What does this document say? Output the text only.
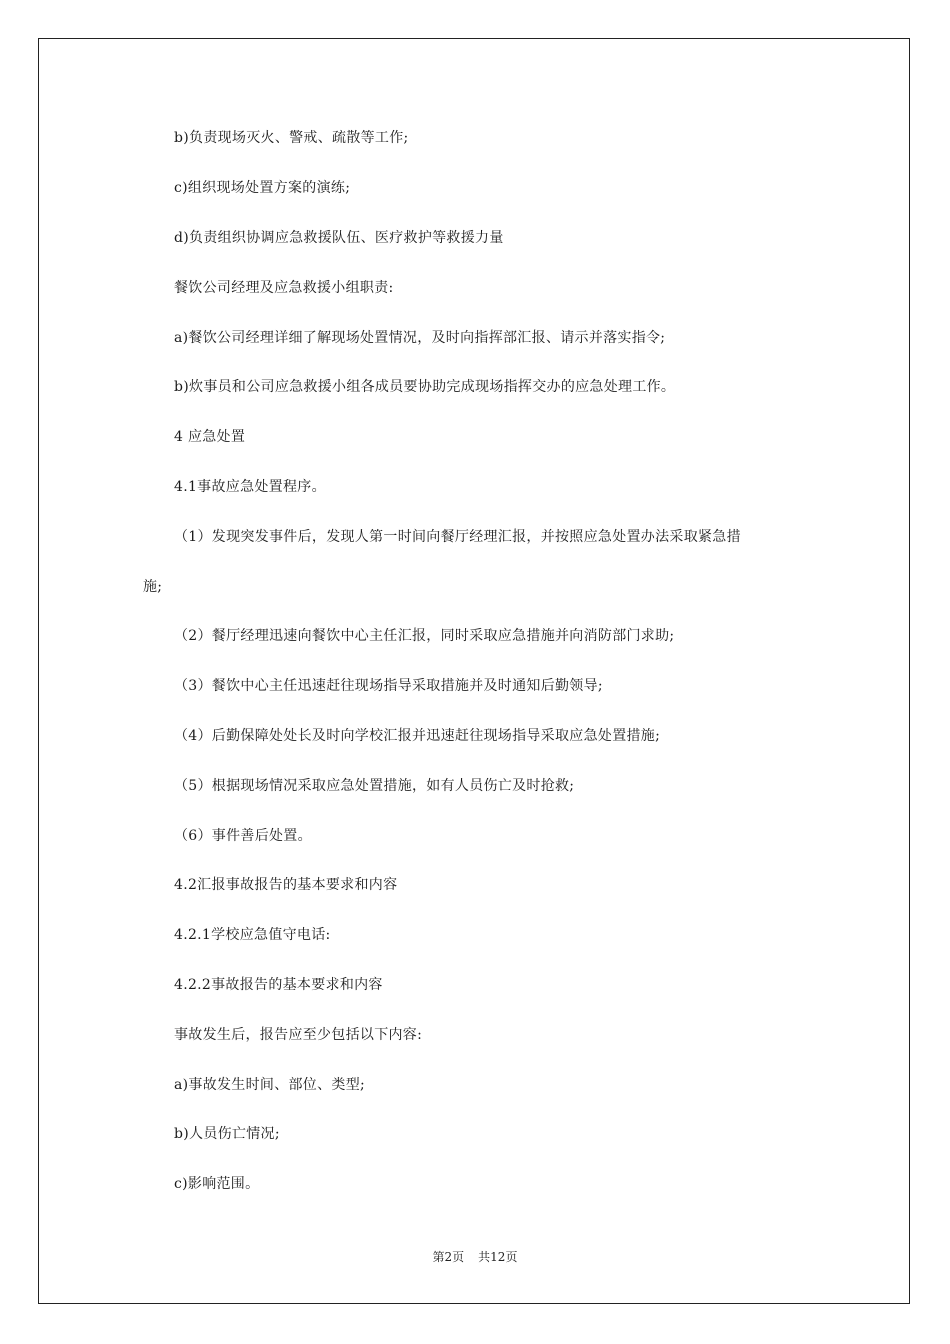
b)负责现场灭火、警戒、疏散等工作;
c)组织现场处置方案的演练;
d)负责组织协调应急救援队伍、医疗救护等救援力量
餐饮公司经理及应急救援小组职责:
a)餐饮公司经理详细了解现场处置情况，及时向指挥部汇报、请示并落实指令;
b)炊事员和公司应急救援小组各成员要协助完成现场指挥交办的应急处理工作。
4 应急处置
4.1事故应急处置程序。
（1）发现突发事件后，发现人第一时间向餐厅经理汇报，并按照应急处置办法采取紧急措
施;
（2）餐厅经理迅速向餐饮中心主任汇报，同时采取应急措施并向消防部门求助;
（3）餐饮中心主任迅速赶往现场指导采取措施并及时通知后勤领导;
（4）后勤保障处处长及时向学校汇报并迅速赶往现场指导采取应急处置措施;
（5）根据现场情况采取应急处置措施，如有人员伤亡及时抢救;
（6）事件善后处置。
4.2汇报事故报告的基本要求和内容
4.2.1学校应急值守电话:
4.2.2事故报告的基本要求和内容
事故发生后，报告应至少包括以下内容:
a)事故发生时间、部位、类型;
b)人员伤亡情况;
c)影响范围。
第2页 共12页
